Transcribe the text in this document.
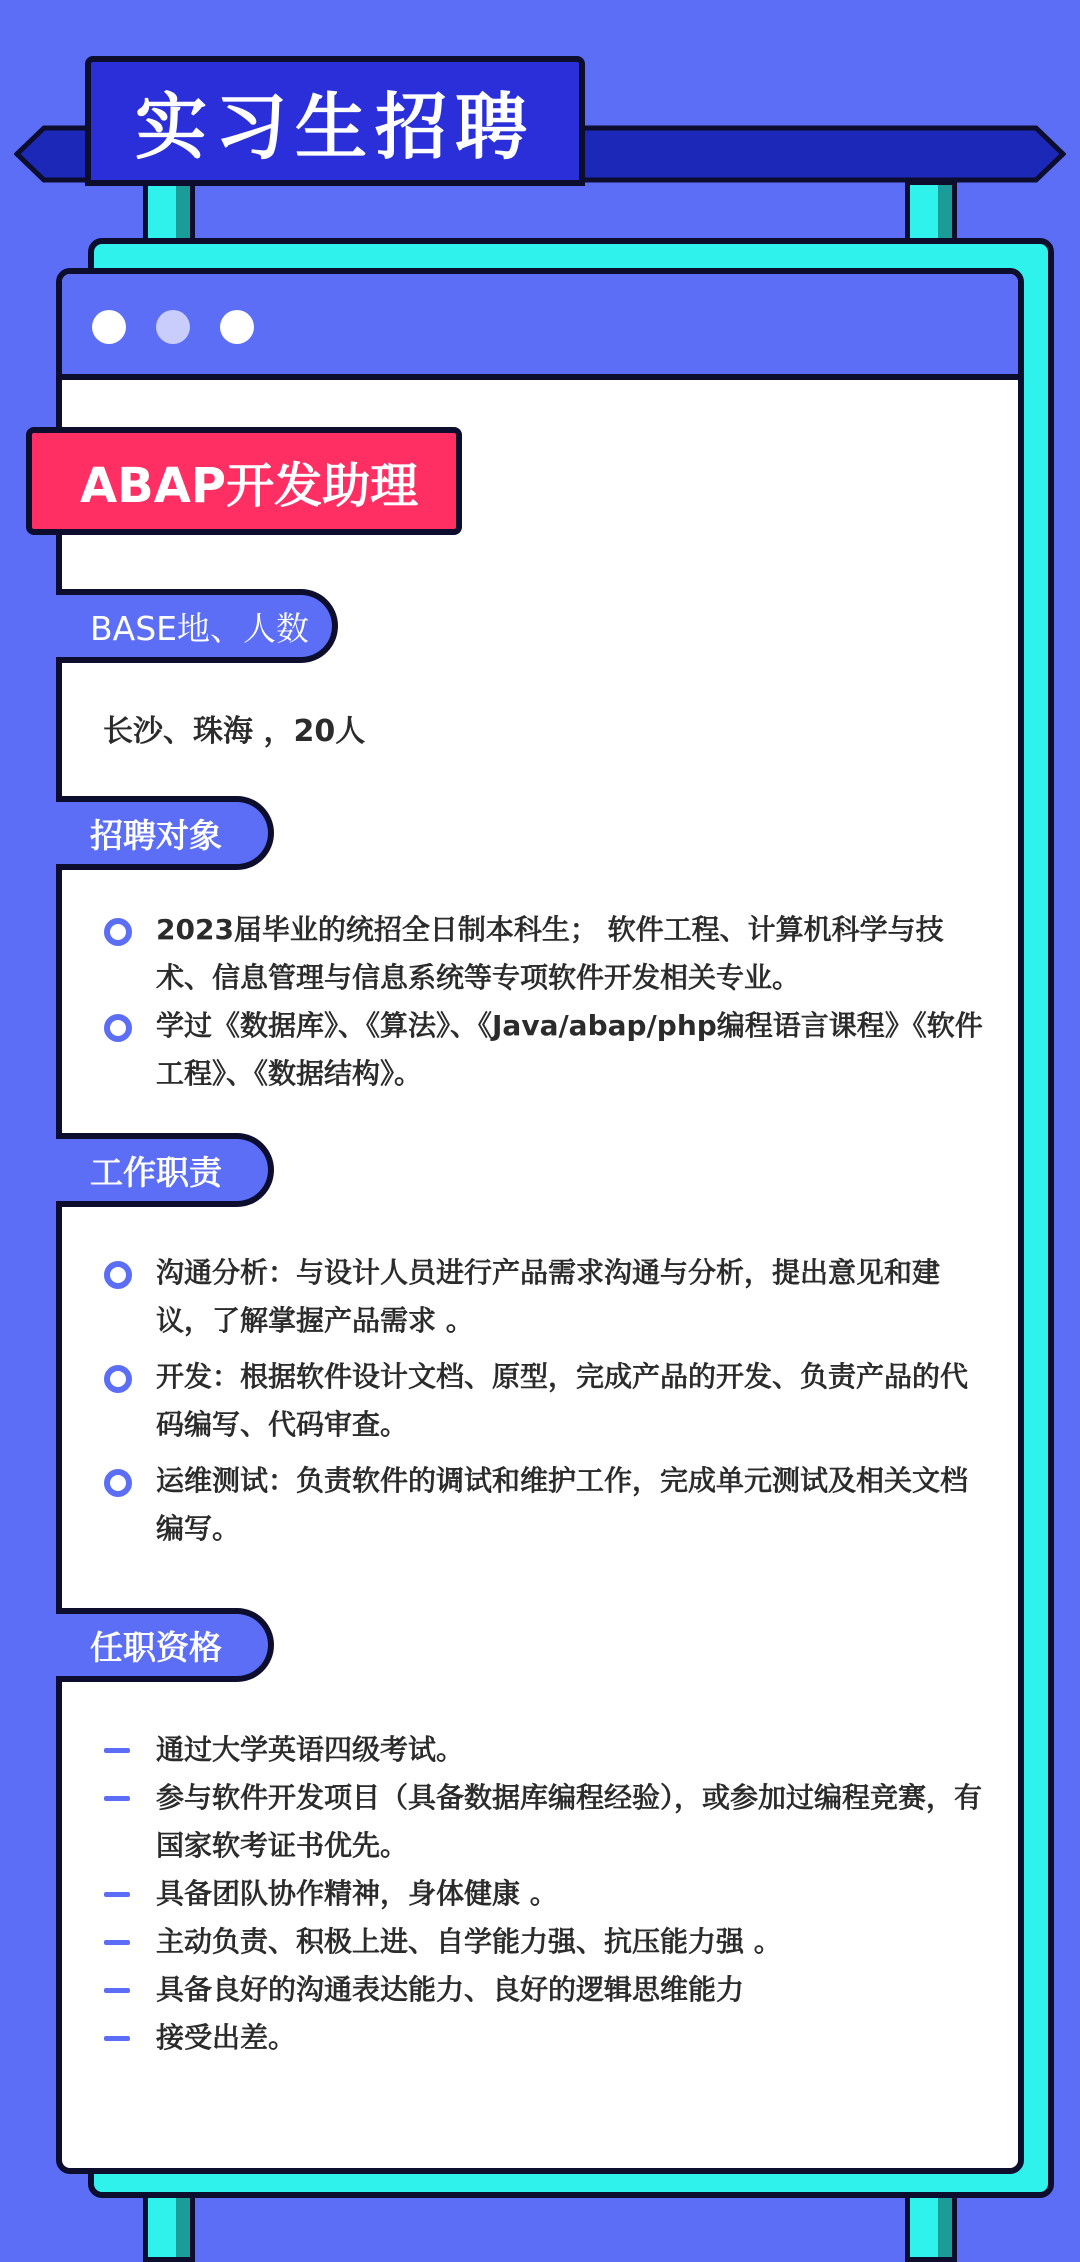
实习生招聘
ABAP开发助理
BASE地、人数
长沙、珠海 ，20人
招聘对象
2023届毕业的统招全日制本科生； 软件工程、计算机科学与技术、信息管理与信息系统等专项软件开发相关专业。
学过《数据库》、《算法》、《Java/abap/php编程语言课程》《软件工程》、《数据结构》。
工作职责
沟通分析：与设计人员进行产品需求沟通与分析，提出意见和建议，了解掌握产品需求 。
开发：根据软件设计文档、原型，完成产品的开发、负责产品的代码编写、代码审查。
运维测试：负责软件的调试和维护工作，完成单元测试及相关文档编写。
任职资格
通过大学英语四级考试。
参与软件开发项目（具备数据库编程经验），或参加过编程竞赛，有国家软考证书优先。
具备团队协作精神，身体健康 。
主动负责、积极上进、自学能力强、抗压能力强 。
具备良好的沟通表达能力、良好的逻辑思维能力
接受出差。
